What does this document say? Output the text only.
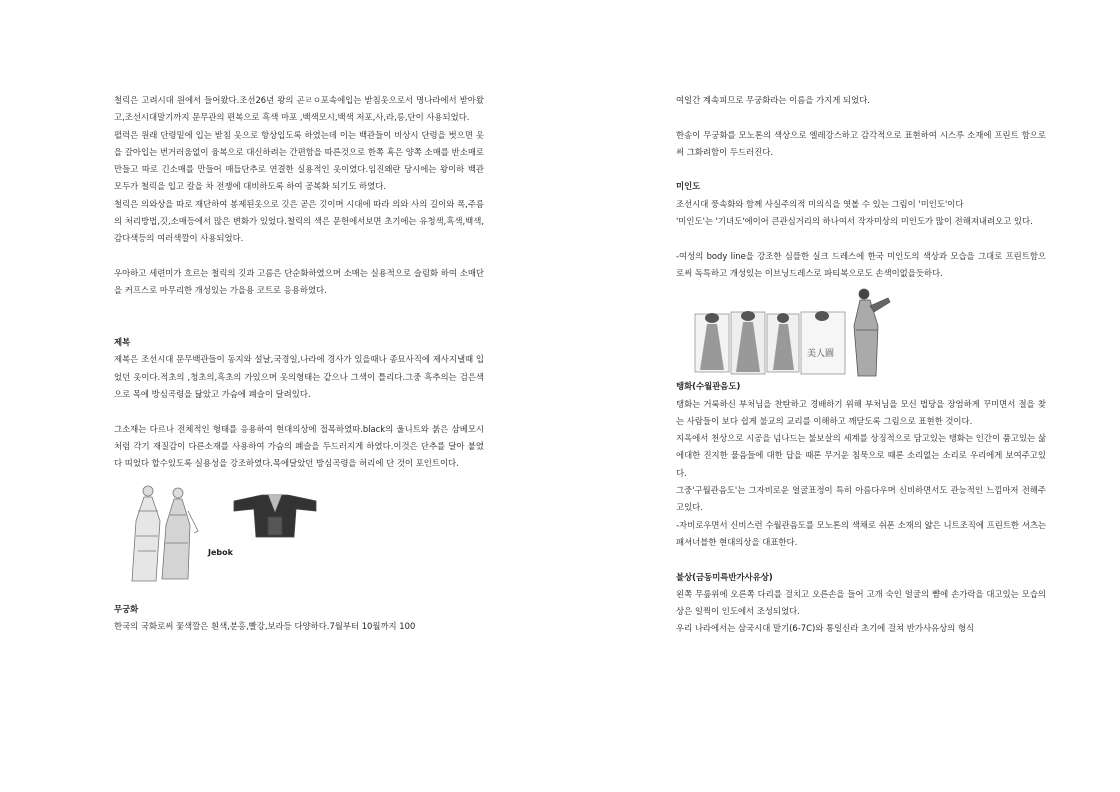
철릭은 고려시대 원에서 들어왔다.조선26년 왕의 곤ㄹㅇ포속에입는 받침옷으로서 명나라에서 받아왔고,조선시대말기까지 문무관의 편복으로 흑색 마포 ,백색모시,백색 저포,사,라,릉,단이 사용되었다.

펼럭은 원래 단령밑에 입는 받침 옷으로 항상입도록 하였는데 이는 백관들이 비상시 단령을 벗으면 옷을 갈아입는 번거러움없이 융복으로 대신하려는 간편함을 따른것으로 한쪽 혹은 양쪽 소매를 반소매로 만들고 따로 긴소매를 만들어 매듭단추로 연결한 실용적인 옷이였다.임진왜란 당시에는 왕이하 백관 모두가 철릭을 입고 칼을 차 전쟁에 대비하도록 하여 공복화 되기도 하였다.

철릭은 의와상을 따로 재단하여 봉제된옷으로 깃은 곧은 깃이며 시대에 따라 의와 사의 길이와 폭,주름의 처리방법,깃,소매등에서 많은 변화가 있었다.철릭의 색은 문헌에서보면 초기에는 유청색,흑색,백색,감다색등의 여러색깔이 사용되었다.

우아하고 세련미가 흐르는 철릭의 깃과 고름은 단순화하였으며 소매는 실용적으로 슬림화 하여 소매단을 커프스로 마무리한 개성있는 가을용 코트로 응용하였다.

제복

제복은 조선시대 문무백관들이 동지와 설날,국경일,나라에 경사가 있을때나 종묘사직에 제사지낼때 입었던 옷이다.적초의 ,청초의,흑초의 가있으며 옷의형태는 같으나 그색이 틀리다.그중 흑추의는 검은색으로 목에 방심곡령을 닮았고 가슴에 폐슬이 달려있다.

그소재는 다르나 전체적인 형태를 응용하여 현대의상에 접목하였따.black의 울니트와 붉은 삼베모시처럼 각기 재질감이 다른소재를 사용하여 가슴의 폐슬을 두드러지게 하였다.이것은 단추를 달아 붙였다 띠었다 할수있도록 실용성을 강조하였다.목에달았던 방심곡령을 허리에 단 것이 포인트이다.

Jebok

무궁화

한국의 국화로써 꽃색깔은 흰색,분홍,빨강,보라등 다양하다.7월부터 10월까지 100

여일간 계속피므로 무궁화라는 이름을 가지게 되었다.

한송이 무궁화를 모노톤의 색상으로 엘레강스하고 감각적으로 표현하여 시스루 소재에 프린트 함으로써 그화려함이 두드러진다.

미인도

조선시대 풍속화와 함께 사실주의적 미의식을 엿볼 수 있는 그림이 '미인도'이다

'미인도'는 '기녀도'에이어 큰관심거리의 하나여서 작자미상의 미인도가 많이 전해져내려오고 있다.

-여성의 body line을 강조한 심플한 실크 드레스에 한국 미인도의 색상과 모습을 그대로 프린트함으로써 독특하고 개성있는 이브닝드레스로 파티복으로도 손색이없을듯하다.

美人圖

탱화(수월관음도)

탱화는 거룩하신 부처님을 찬탄하고 경배하기 위해 부처님을 모신 법당을 장엄하게 꾸미면서 절을 찾는 사람들이 보다 쉽게 불교의 교리를 이해하고 깨닫도록 그림으로 표현한 것이다.

지옥에서 천상으로 시공을 넘나드는 불보살의 세계를 상징적으로 담고있는 탱화는 인간이 품고있는 삶에대한 진지한 물음들에 대한 답을 때론 무거운 침묵으로 때론 소리없는 소리로 우리에게 보여주고있다.

그중'구월관음도'는 그자비로운 얼굴표정이 특히 아름다우며 신비하면서도 관능적인 느낌마저 전해주고있다.

-자비로우면서 신비스런 수월관음도를 모노톤의 색채로 쉬폰 소재의 얇은 니트조직에 프린트한 셔츠는 패셔너블한 현대의상을 대표한다.

불상(금동미륵반가사유상)

왼쪽 무릎위에 오른쪽 다리를 걸치고 오른손을 들어 고개 숙인 얼굴의 뺨에 손가락을 대고있는 모습의 상은 일찍이 인도에서 조성되었다.

우리 나라에서는 삼국시대 말기(6-7C)와 통일신라 초기에 걸쳐 반가사유상의 형식
